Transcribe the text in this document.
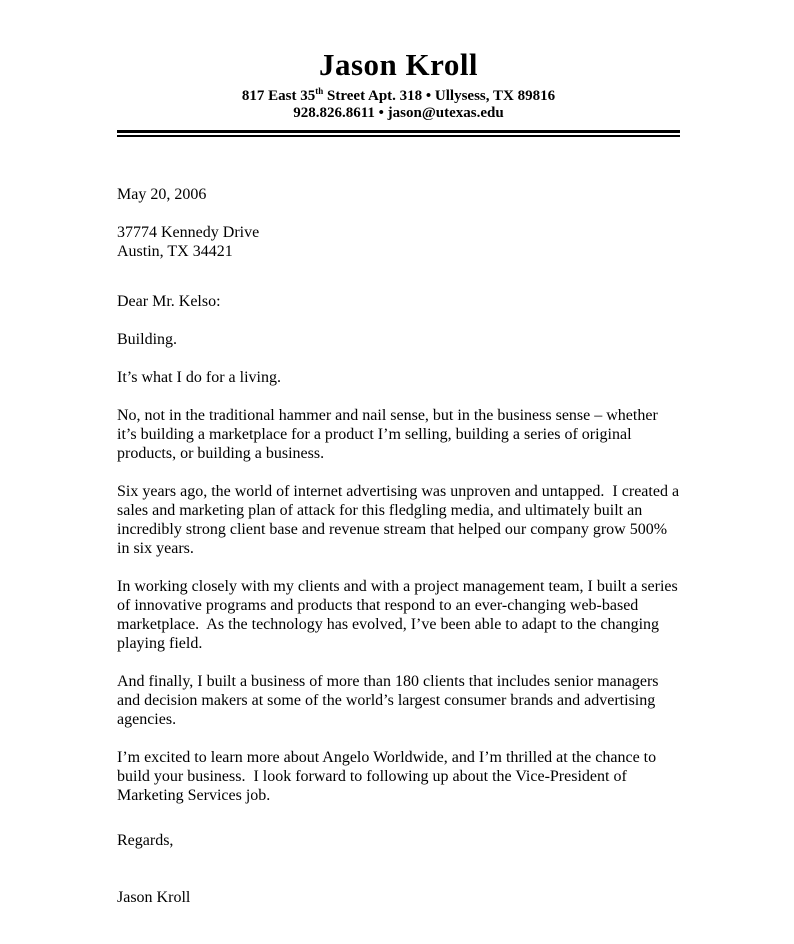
Jason Kroll
817 East 35th Street Apt. 318 • Ullysess, TX 89816
928.826.8611 • jason@utexas.edu
May 20, 2006
37774 Kennedy Drive
Austin, TX 34421
Dear Mr. Kelso:

Building.

It’s what I do for a living.

No, not in the traditional hammer and nail sense, but in the business sense – whether it’s building a marketplace for a product I’m selling, building a series of original products, or building a business.

Six years ago, the world of internet advertising was unproven and untapped.  I created a sales and marketing plan of attack for this fledgling media, and ultimately built an incredibly strong client base and revenue stream that helped our company grow 500% in six years.

In working closely with my clients and with a project management team, I built a series of innovative programs and products that respond to an ever-changing web-based marketplace.  As the technology has evolved, I’ve been able to adapt to the changing playing field.

And finally, I built a business of more than 180 clients that includes senior managers and decision makers at some of the world’s largest consumer brands and advertising agencies.

I’m excited to learn more about Angelo Worldwide, and I’m thrilled at the chance to build your business.  I look forward to following up about the Vice-President of Marketing Services job.

Regards,
Jason Kroll
